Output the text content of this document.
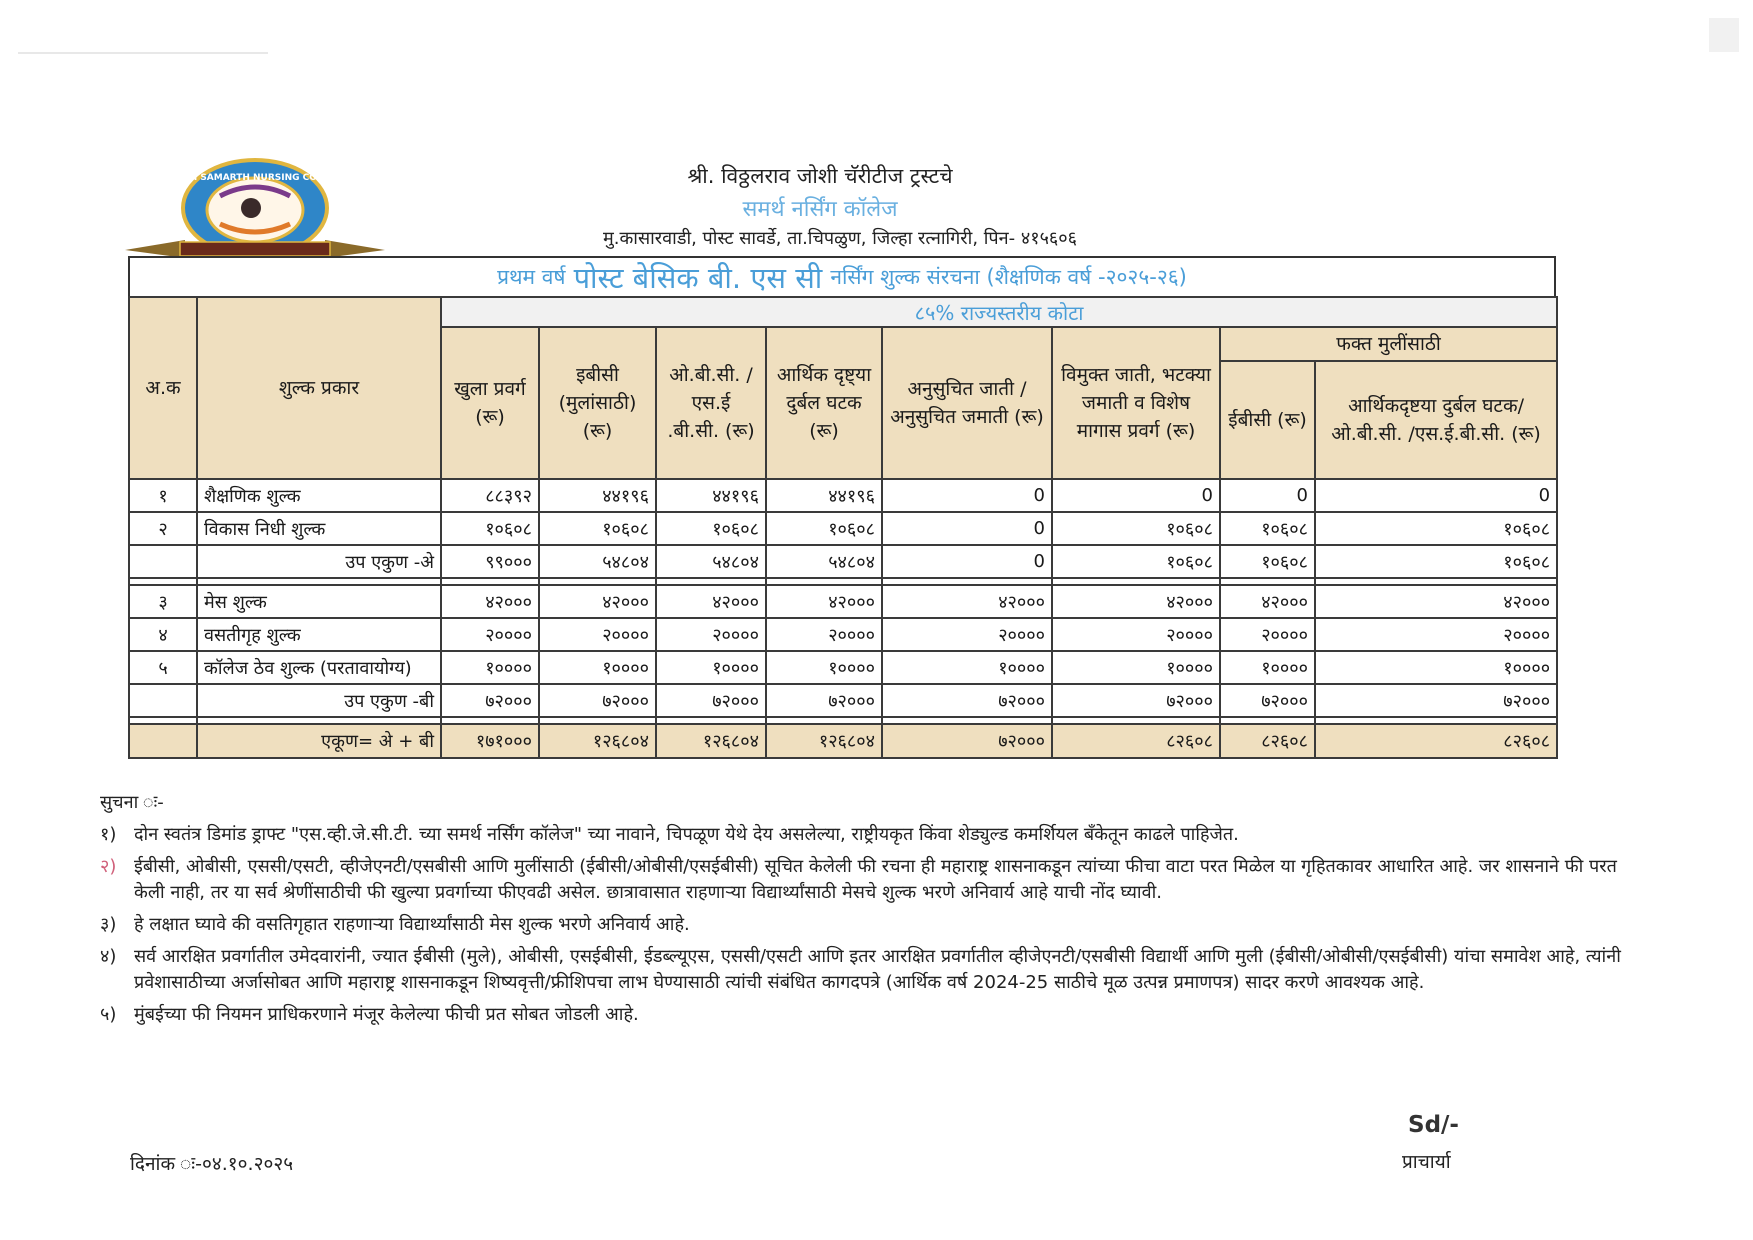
SWAMI SAMARTH NURSING COLLEGE	श्री. विठ्ठलराव जोशी चॅरीटीज ट्रस्टचे
समर्थ नर्सिंग कॉलेज
मु.कासारवाडी, पोस्ट सावर्डे, ता.चिपळुण, जिल्हा रत्नागिरी, पिन- ४१५६०६
प्रथम वर्ष पोस्ट बेसिक बी. एस सी नर्सिंग शुल्क संरचना (शैक्षणिक वर्ष -२०२५-२६)
अ.क	शुल्क प्रकार	८५% राज्यस्तरीय कोटा							
		खुला प्रवर्ग (रू)	इबीसी (मुलांसाठी) (रू)	ओ.बी.सी. / एस.ई .बी.सी. (रू)	आर्थिक दृष्ट्या दुर्बल घटक (रू)	अनुसुचित जाती / अनुसुचित जमाती (रू)	विमुक्त जाती, भटक्या जमाती व विशेष मागास प्रवर्ग (रू)	फक्त मुलींसाठी	
								ईबीसी (रू)	आर्थिकदृष्टया दुर्बल घटक/ओ.बी.सी. /एस.ई.बी.सी. (रू)
१	शैक्षणिक शुल्क	८८३९२	४४१९६	४४१९६	४४१९६	0	0	0	0
२	विकास निधी शुल्क	१०६०८	१०६०८	१०६०८	१०६०८	0	१०६०८	१०६०८	१०६०८
	उप एकुण -अे	९९०००	५४८०४	५४८०४	५४८०४	0	१०६०८	१०६०८	१०६०८

३	मेस शुल्क	४२०००	४२०००	४२०००	४२०००	४२०००	४२०००	४२०००	४२०००
४	वसतीगृह शुल्क	२००००	२००००	२००००	२००००	२००००	२००००	२००००	२००००
५	कॉलेज ठेव शुल्क (परतावायोग्य)	१००००	१००००	१००००	१००००	१००००	१००००	१००००	१००००
	उप एकुण -बी	७२०००	७२०००	७२०००	७२०००	७२०००	७२०००	७२०००	७२०००

	एकूण= अे + बी	१७१०००	१२६८०४	१२६८०४	१२६८०४	७२०००	८२६०८	८२६०८	८२६०८
सुचना ः-
१) दोन स्वतंत्र डिमांड ड्राफ्ट "एस.व्ही.जे.सी.टी. च्या समर्थ नर्सिंग कॉलेज" च्या नावाने, चिपळूण येथे देय असलेल्या, राष्ट्रीयकृत किंवा शेड्युल्ड कमर्शियल बॅंकेतून काढले पाहिजेत.
२) ईबीसी, ओबीसी, एससी/एसटी, व्हीजेएनटी/एसबीसी आणि मुलींसाठी (ईबीसी/ओबीसी/एसईबीसी) सूचित केलेली फी रचना ही महाराष्ट्र शासनाकडून त्यांच्या फीचा वाटा परत मिळेल या गृहितकावर आधारित आहे. जर शासनाने फी परत केली नाही, तर या सर्व श्रेणींसाठीची फी खुल्या प्रवर्गाच्या फीएवढी असेल. छात्रावासात राहणाऱ्या विद्यार्थ्यांसाठी मेसचे शुल्क भरणे अनिवार्य आहे याची नोंद घ्यावी.
३) हे लक्षात घ्यावे की वसतिगृहात राहणाऱ्या विद्यार्थ्यांसाठी मेस शुल्क भरणे अनिवार्य आहे.
४) सर्व आरक्षित प्रवर्गातील उमेदवारांनी, ज्यात ईबीसी (मुले), ओबीसी, एसईबीसी, ईडब्ल्यूएस, एससी/एसटी आणि इतर आरक्षित प्रवर्गातील व्हीजेएनटी/एसबीसी विद्यार्थी आणि मुली (ईबीसी/ओबीसी/एसईबीसी) यांचा समावेश आहे, त्यांनी प्रवेशासाठीच्या अर्जासोबत आणि महाराष्ट्र शासनाकडून शिष्यवृत्ती/फ्रीशिपचा लाभ घेण्यासाठी त्यांची संबंधित कागदपत्रे (आर्थिक वर्ष 2024-25 साठीचे मूळ उत्पन्न प्रमाणपत्र) सादर करणे आवश्यक आहे.
५) मुंबईच्या फी नियमन प्राधिकरणाने मंजूर केलेल्या फीची प्रत सोबत जोडली आहे.
दिनांक ः-०४.१०.२०२५
Sd/-
प्राचार्या
